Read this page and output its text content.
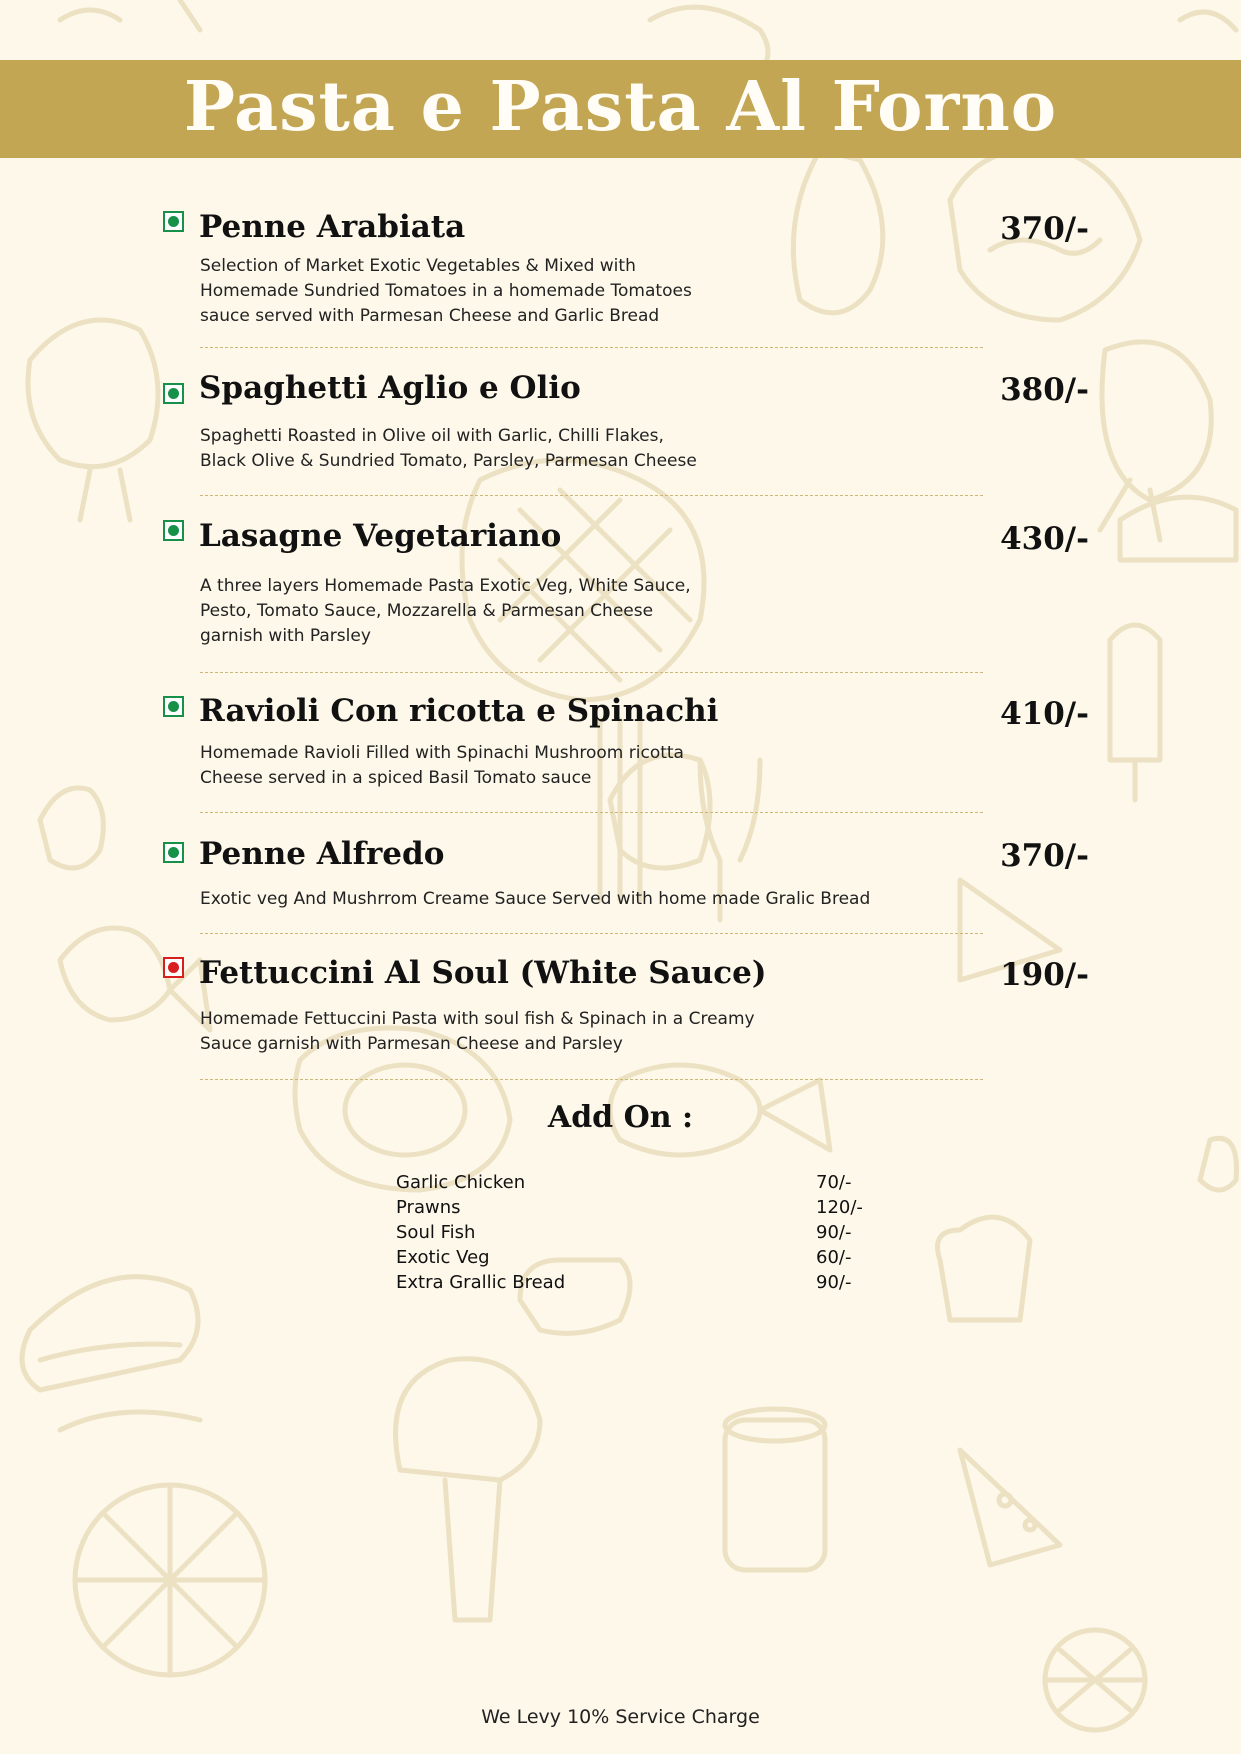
Pasta e Pasta Al Forno
Penne Arabiata	370/-
Selection of Market Exotic Vegetables & Mixed with
Homemade Sundried Tomatoes in a homemade Tomatoes
sauce served with Parmesan Cheese and Garlic Bread
Spaghetti Aglio e Olio	380/-
Spaghetti Roasted in Olive oil with Garlic, Chilli Flakes,
Black Olive & Sundried Tomato, Parsley, Parmesan Cheese
Lasagne Vegetariano	430/-
A three layers Homemade Pasta Exotic Veg, White Sauce,
Pesto, Tomato Sauce, Mozzarella & Parmesan Cheese
garnish with Parsley
Ravioli Con ricotta e Spinachi	410/-
Homemade Ravioli Filled with Spinachi Mushroom ricotta
Cheese served in a spiced Basil Tomato sauce
Penne Alfredo	370/-
Exotic veg And Mushrrom Creame Sauce Served with home made Gralic Bread
Fettuccini Al Soul (White Sauce)	190/-
Homemade Fettuccini Pasta with soul fish & Spinach in a Creamy
Sauce garnish with Parmesan Cheese and Parsley
Add On :
Garlic Chicken	70/-
Prawns	120/-
Soul Fish	90/-
Exotic Veg	60/-
Extra Grallic Bread	90/-
We Levy 10% Service Charge
